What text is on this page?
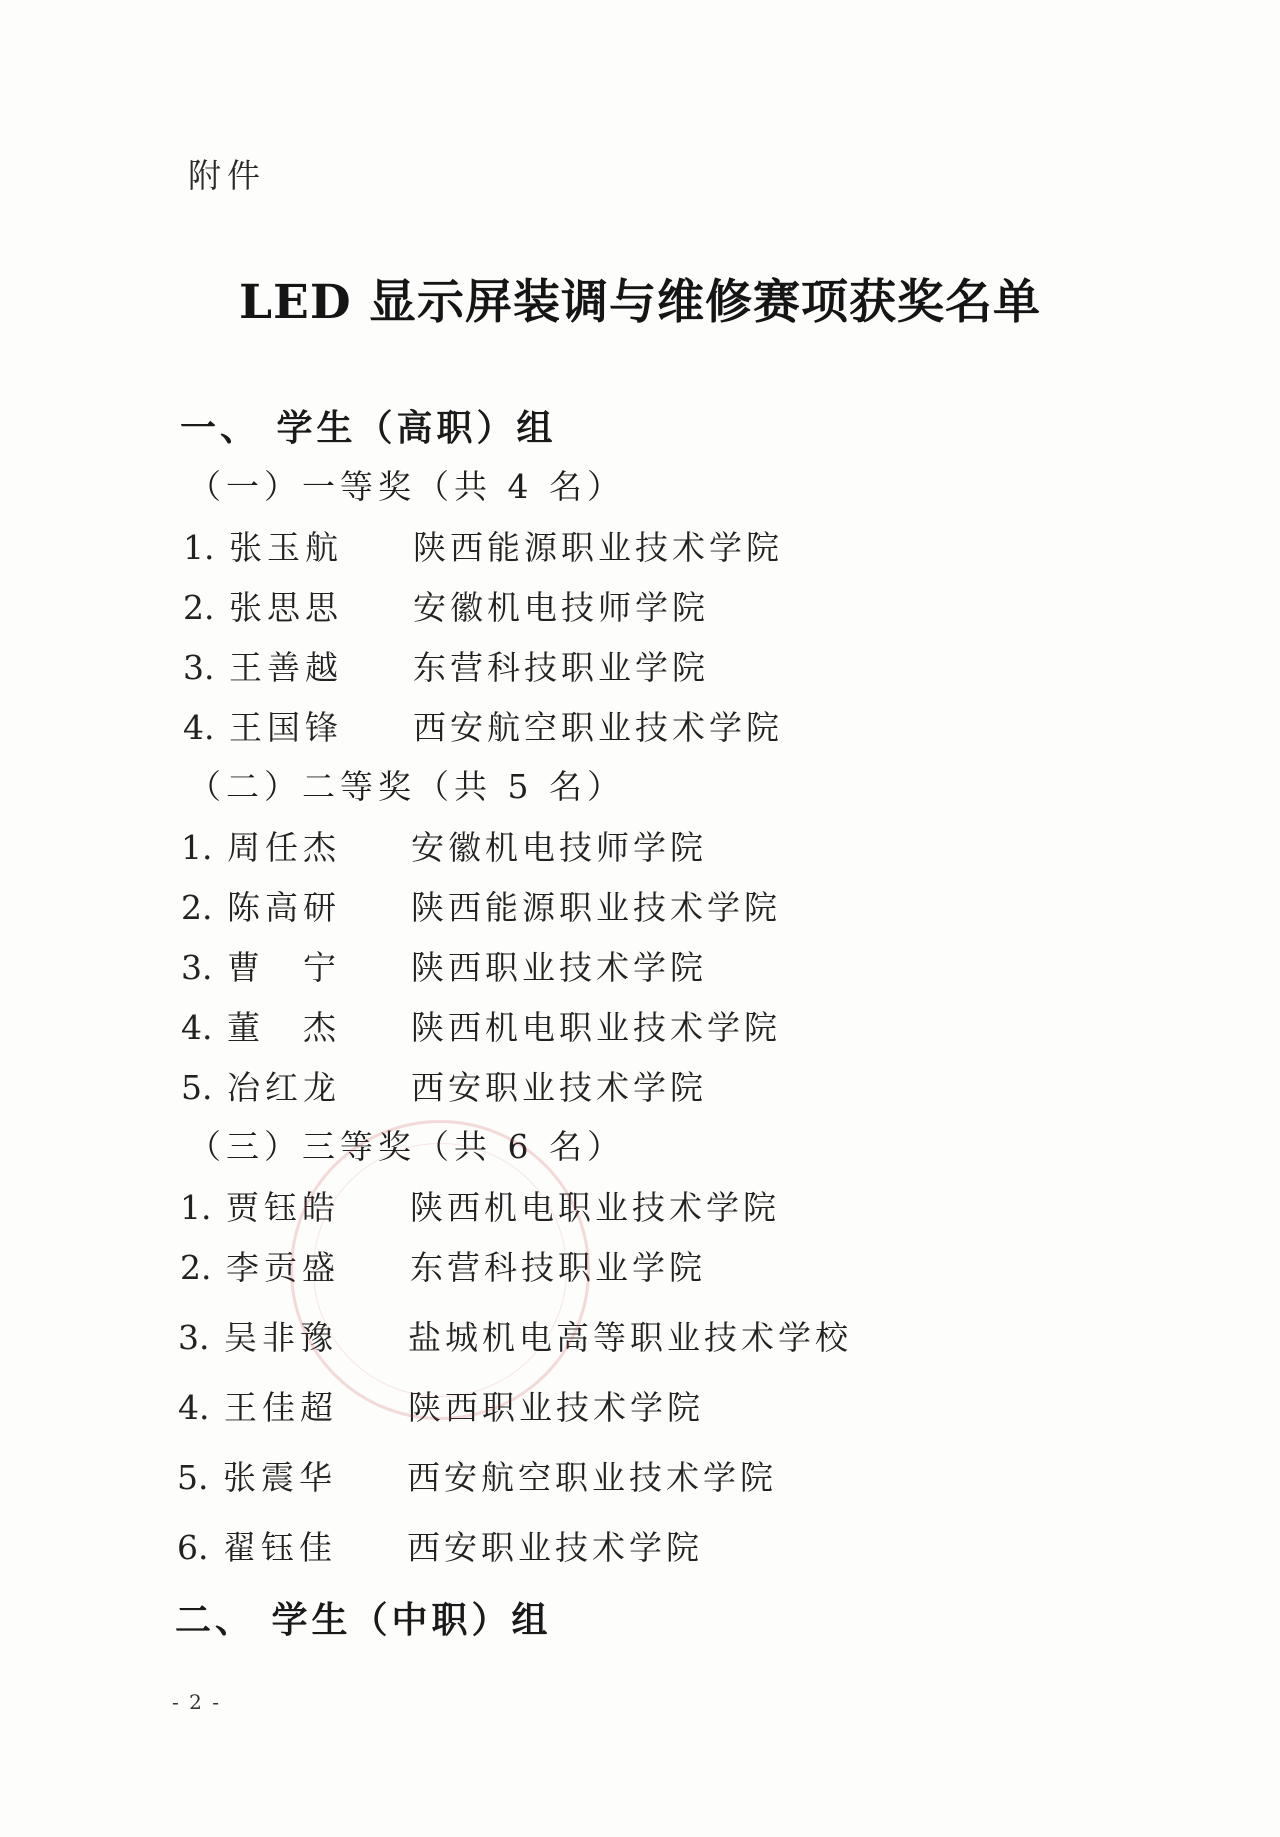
附件
LED 显示屏装调与维修赛项获奖名单
一、 学生（高职）组
（一）一等奖（共 4 名）
1. 张玉航 陕西能源职业技术学院
2. 张思思 安徽机电技师学院
3. 王善越 东营科技职业学院
4. 王国锋 西安航空职业技术学院
（二）二等奖（共 5 名）
1. 周任杰 安徽机电技师学院
2. 陈高研 陕西能源职业技术学院
3. 曹　宁 陕西职业技术学院
4. 董　杰 陕西机电职业技术学院
5. 冶红龙 西安职业技术学院
（三）三等奖（共 6 名）
1. 贾钰皓 陕西机电职业技术学院
2. 李贡盛 东营科技职业学院
3. 吴非豫 盐城机电高等职业技术学校
4. 王佳超 陕西职业技术学院
5. 张震华 西安航空职业技术学院
6. 翟钰佳 西安职业技术学院
二、 学生（中职）组
- 2 -
